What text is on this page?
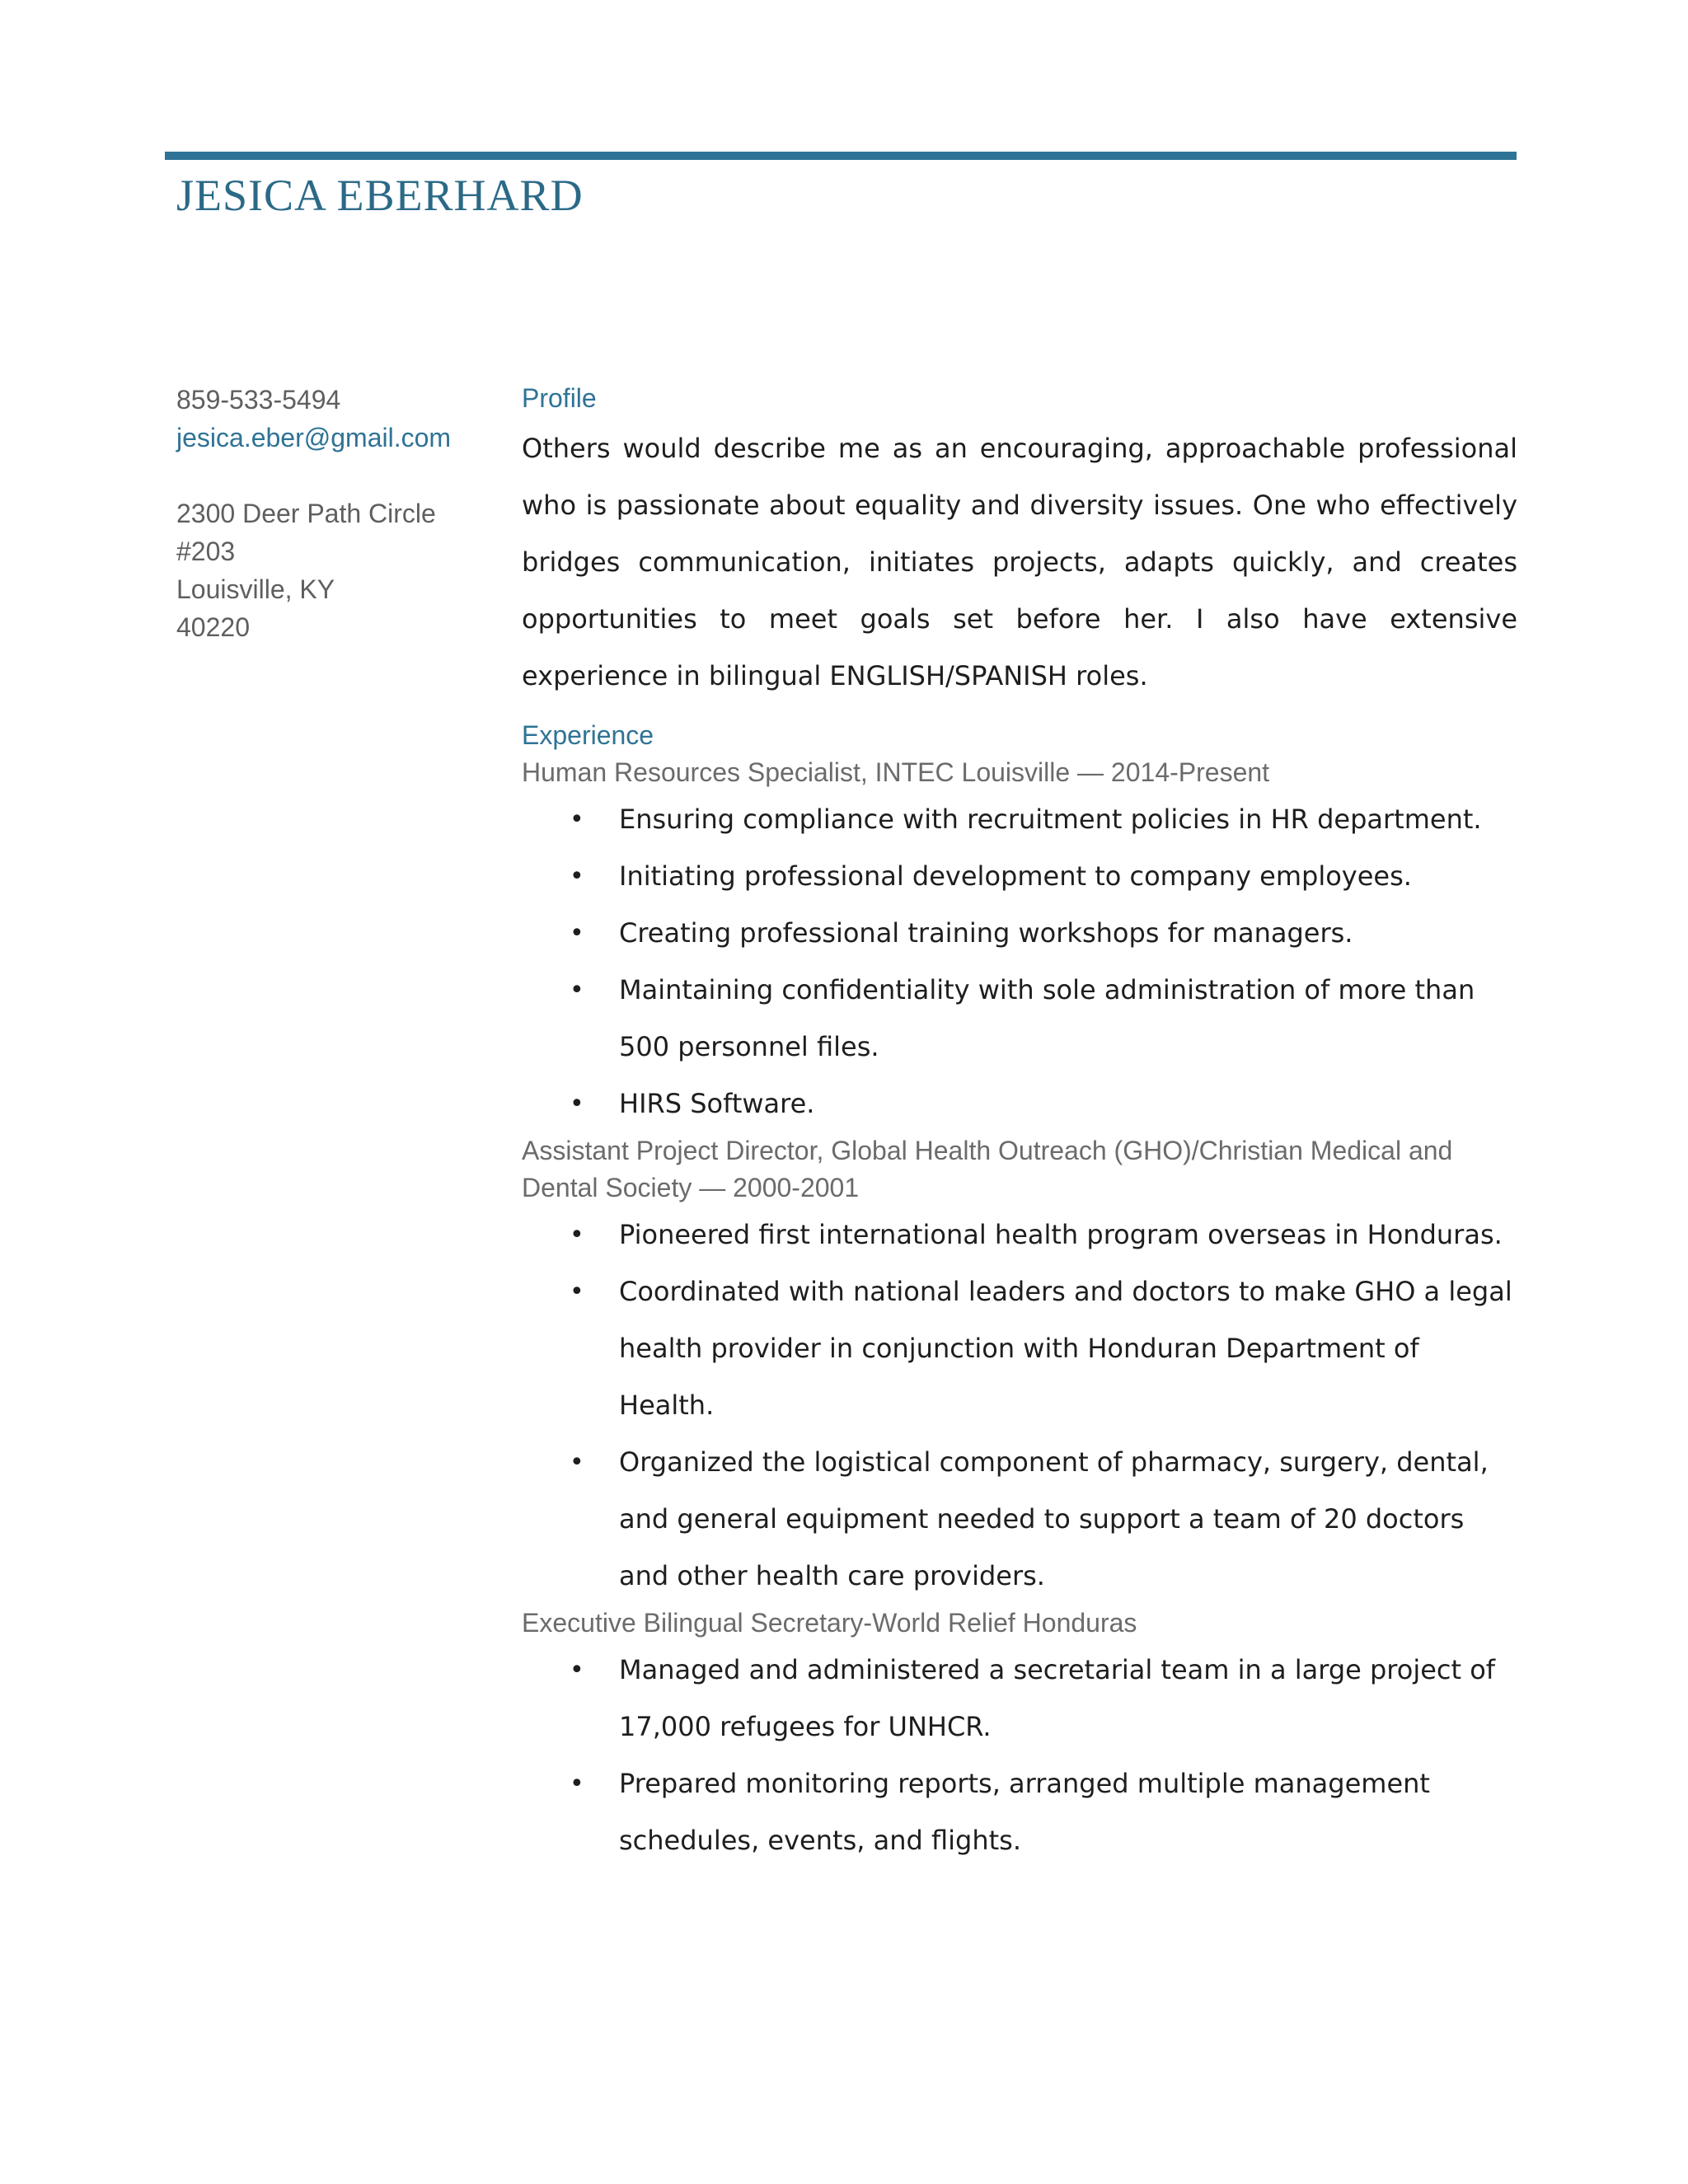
JESICA EBERHARD
859-533-5494
jesica.eber@gmail.com
2300 Deer Path Circle
#203
Louisville, KY
40220
Profile
Others would describe me as an encouraging, approachable professional who is passionate about equality and diversity issues. One who effectively bridges communication, initiates projects, adapts quickly, and creates opportunities to meet goals set before her. I also have extensive experience in bilingual ENGLISH/SPANISH roles.
Experience
Human Resources Specialist, INTEC Louisville — 2014-Present
• Ensuring compliance with recruitment policies in HR department.
• Initiating professional development to company employees.
• Creating professional training workshops for managers.
• Maintaining confidentiality with sole administration of more than 500 personnel files.
• HIRS Software.
Assistant Project Director, Global Health Outreach (GHO)/Christian Medical and Dental Society — 2000-2001
• Pioneered first international health program overseas in Honduras.
• Coordinated with national leaders and doctors to make GHO a legal health provider in conjunction with Honduran Department of Health.
• Organized the logistical component of pharmacy, surgery, dental, and general equipment needed to support a team of 20 doctors and other health care providers.
Executive Bilingual Secretary-World Relief Honduras
• Managed and administered a secretarial team in a large project of 17,000 refugees for UNHCR.
• Prepared monitoring reports, arranged multiple management schedules, events, and flights.
